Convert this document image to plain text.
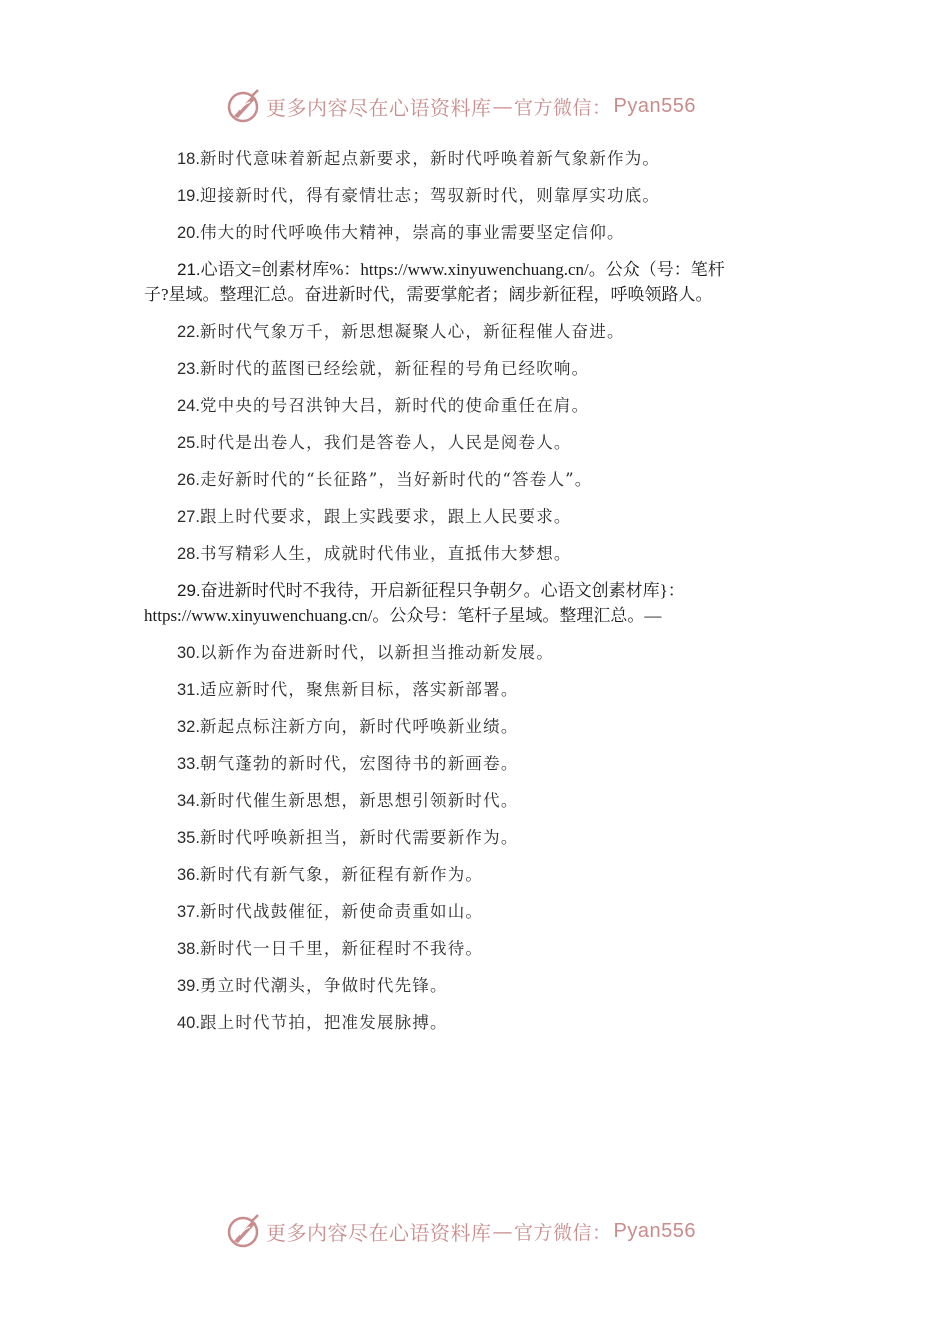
更多内容尽在心语资料库 — 官方微信： Pyan556
18.新时代意味着新起点新要求，新时代呼唤着新气象新作为。
19.迎接新时代，得有豪情壮志；驾驭新时代，则靠厚实功底。
20.伟大的时代呼唤伟大精神，崇高的事业需要坚定信仰。
21.心语文=创素材库%：https://www.xinyuwenchuang.cn/。公众（号：笔杆
子?星域。整理汇总。奋进新时代，需要掌舵者；阔步新征程，呼唤领路人。
22.新时代气象万千，新思想凝聚人心，新征程催人奋进。
23.新时代的蓝图已经绘就，新征程的号角已经吹响。
24.党中央的号召洪钟大吕，新时代的使命重任在肩。
25.时代是出卷人，我们是答卷人，人民是阅卷人。
26.走好新时代的“长征路”，当好新时代的“答卷人”。
27.跟上时代要求，跟上实践要求，跟上人民要求。
28.书写精彩人生，成就时代伟业，直抵伟大梦想。
29.奋进新时代时不我待，开启新征程只争朝夕。心语文创素材库}：
https://www.xinyuwenchuang.cn/。公众号：笔杆子星域。整理汇总。—
30.以新作为奋进新时代，以新担当推动新发展。
31.适应新时代，聚焦新目标，落实新部署。
32.新起点标注新方向，新时代呼唤新业绩。
33.朝气蓬勃的新时代，宏图待书的新画卷。
34.新时代催生新思想，新思想引领新时代。
35.新时代呼唤新担当，新时代需要新作为。
36.新时代有新气象，新征程有新作为。
37.新时代战鼓催征，新使命责重如山。
38.新时代一日千里，新征程时不我待。
39.勇立时代潮头，争做时代先锋。
40.跟上时代节拍，把准发展脉搏。
更多内容尽在心语资料库 — 官方微信： Pyan556
